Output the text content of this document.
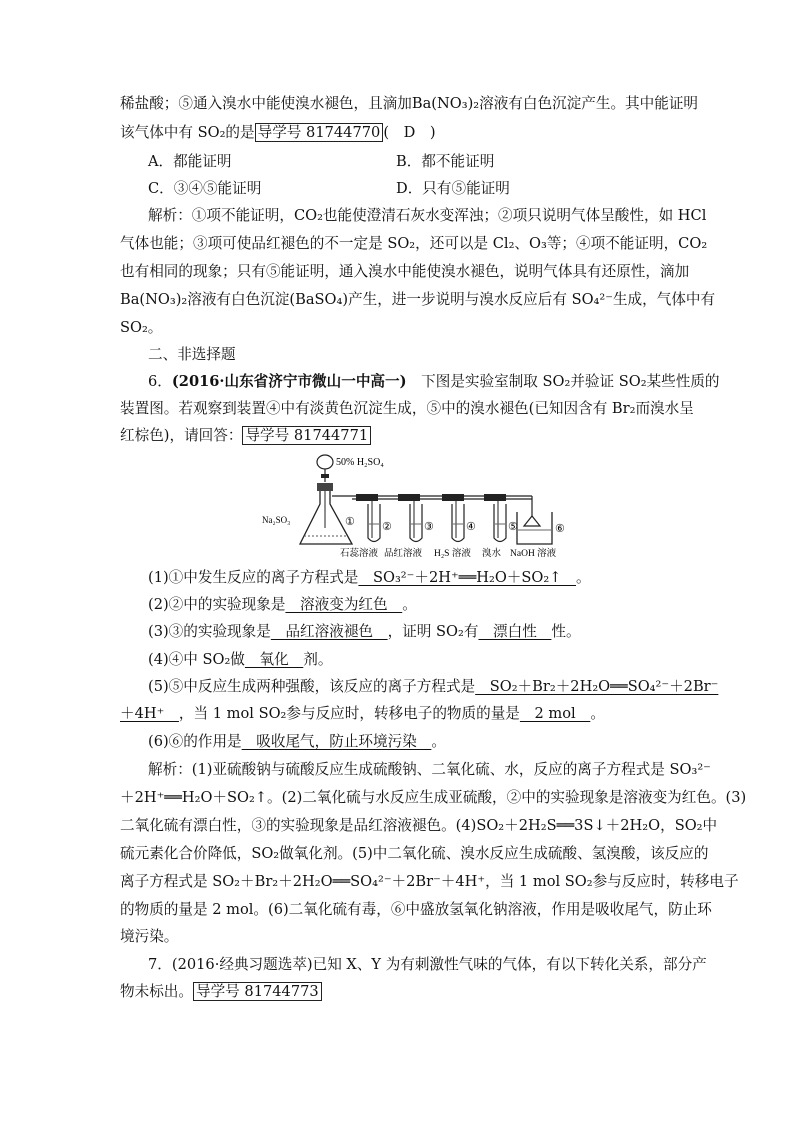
稀盐酸；⑤通入溴水中能使溴水褪色，且滴加Ba(NO₃)₂溶液有白色沉淀产生。其中能证明
该气体中有 SO₂的是 导学号 81744770 (　D　)
A．都能证明	B．都不能证明
C．③④⑤能证明	D．只有⑤能证明
解析：①项不能证明，CO₂也能使澄清石灰水变浑浊；②项只说明气体呈酸性，如 HCl
气体也能；③项可使品红褪色的不一定是 SO₂，还可以是 Cl₂、O₃等；④项不能证明，CO₂
也有相同的现象；只有⑤能证明，通入溴水中能使溴水褪色，说明气体具有还原性，滴加
Ba(NO₃)₂溶液有白色沉淀(BaSO₄)产生，进一步说明与溴水反应后有 SO₄²⁻生成，气体中有
SO₂。
二、非选择题
6．(2016·山东省济宁市微山一中高一)　下图是实验室制取 SO₂并验证 SO₂某些性质的
装置图。若观察到装置④中有淡黄色沉淀生成，⑤中的溴水褪色(已知因含有 Br₂而溴水呈
红棕色)，请回答： 导学号 81744771
50% H₂SO₄
Na₂SO₃	① ②	③	④	⑤	⑥
石蕊溶液 品红溶液 H₂S 溶液 溴水 NaOH 溶液
(1)①中发生反应的离子方程式是　SO₃²⁻＋2H⁺══H₂O＋SO₂↑　。
(2)②中的实验现象是　溶液变为红色　。
(3)③的实验现象是　品红溶液褪色　，证明 SO₂有　漂白性　性。
(4)④中 SO₂做　氧化　剂。
(5)⑤中反应生成两种强酸，该反应的离子方程式是　SO₂＋Br₂＋2H₂O══SO₄²⁻＋2Br⁻
＋4H⁺　，当 1 mol SO₂参与反应时，转移电子的物质的量是　2 mol　。
(6)⑥的作用是　吸收尾气，防止环境污染　。
解析：(1)亚硫酸钠与硫酸反应生成硫酸钠、二氧化硫、水，反应的离子方程式是 SO₃²⁻
＋2H⁺══H₂O＋SO₂↑。(2)二氧化硫与水反应生成亚硫酸，②中的实验现象是溶液变为红色。(3)
二氧化硫有漂白性，③的实验现象是品红溶液褪色。(4)SO₂＋2H₂S══3S↓＋2H₂O，SO₂中
硫元素化合价降低，SO₂做氧化剂。(5)中二氧化硫、溴水反应生成硫酸、氢溴酸，该反应的
离子方程式是 SO₂＋Br₂＋2H₂O══SO₄²⁻＋2Br⁻＋4H⁺，当 1 mol SO₂参与反应时，转移电子
的物质的量是 2 mol。(6)二氧化硫有毒，⑥中盛放氢氧化钠溶液，作用是吸收尾气，防止环
境污染。
7．(2016·经典习题选萃)已知 X、Y 为有刺激性气味的气体，有以下转化关系，部分产
物未标出。 导学号 81744773
